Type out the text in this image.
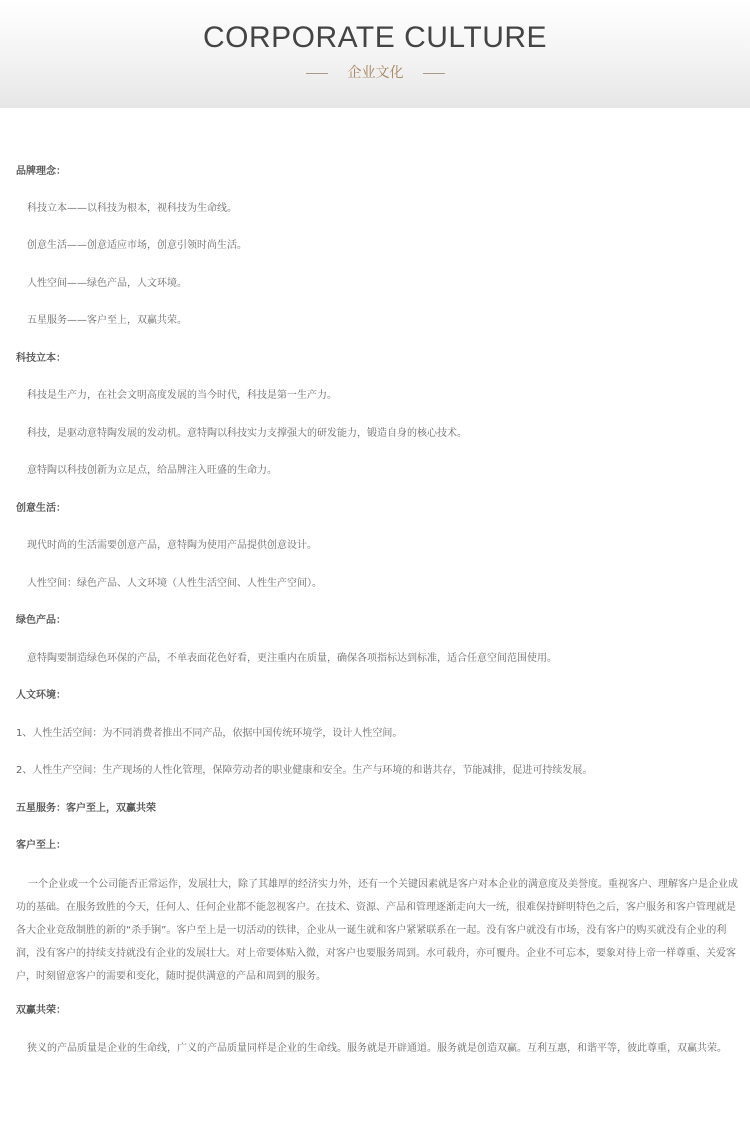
CORPORATE CULTURE
企业文化
品牌理念：
科技立本——以科技为根本，视科技为生命线。
创意生活——创意适应市场，创意引领时尚生活。
人性空间——绿色产品，人文环境。
五星服务——客户至上，双赢共荣。
科技立本：
科技是生产力，在社会文明高度发展的当今时代，科技是第一生产力。
科技，是驱动意特陶发展的发动机。意特陶以科技实力支撑强大的研发能力，锻造自身的核心技术。
意特陶以科技创新为立足点，给品牌注入旺盛的生命力。
创意生活：
现代时尚的生活需要创意产品，意特陶为使用产品提供创意设计。
人性空间：绿色产品、人文环境（人性生活空间、人性生产空间）。
绿色产品：
意特陶要制造绿色环保的产品，不单表面花色好看，更注重内在质量，确保各项指标达到标准，适合任意空间范围使用。
人文环境：
1、人性生活空间：为不同消费者推出不同产品，依据中国传统环境学，设计人性空间。
2、人性生产空间：生产现场的人性化管理，保障劳动者的职业健康和安全。生产与环境的和谐共存，节能减排，促进可持续发展。
五星服务：客户至上，双赢共荣
客户至上：
一个企业或一个公司能否正常运作，发展壮大，除了其雄厚的经济实力外，还有一个关键因素就是客户对本企业的满意度及美誉度。重视客户、理解客户是企业成功的基础。在服务致胜的今天，任何人、任何企业都不能忽视客户。在技术、资源、产品和管理逐渐走向大一统，很难保持鲜明特色之后，客户服务和客户管理就是各大企业竞敌制胜的新的“杀手锏”。客户至上是一切活动的铁律，企业从一诞生就和客户紧紧联系在一起。没有客户就没有市场，没有客户的购买就没有企业的利润，没有客户的持续支持就没有企业的发展壮大。对上帝要体贴入微，对客户也要服务周到。水可载舟，亦可覆舟。企业不可忘本，要象对待上帝一样尊重、关爱客户，时刻留意客户的需要和变化，随时提供满意的产品和周到的服务。
双赢共荣：
狭义的产品质量是企业的生命线，广义的产品质量同样是企业的生命线。服务就是开辟通道。服务就是创造双赢。互利互惠，和谐平等，彼此尊重，双赢共荣。
